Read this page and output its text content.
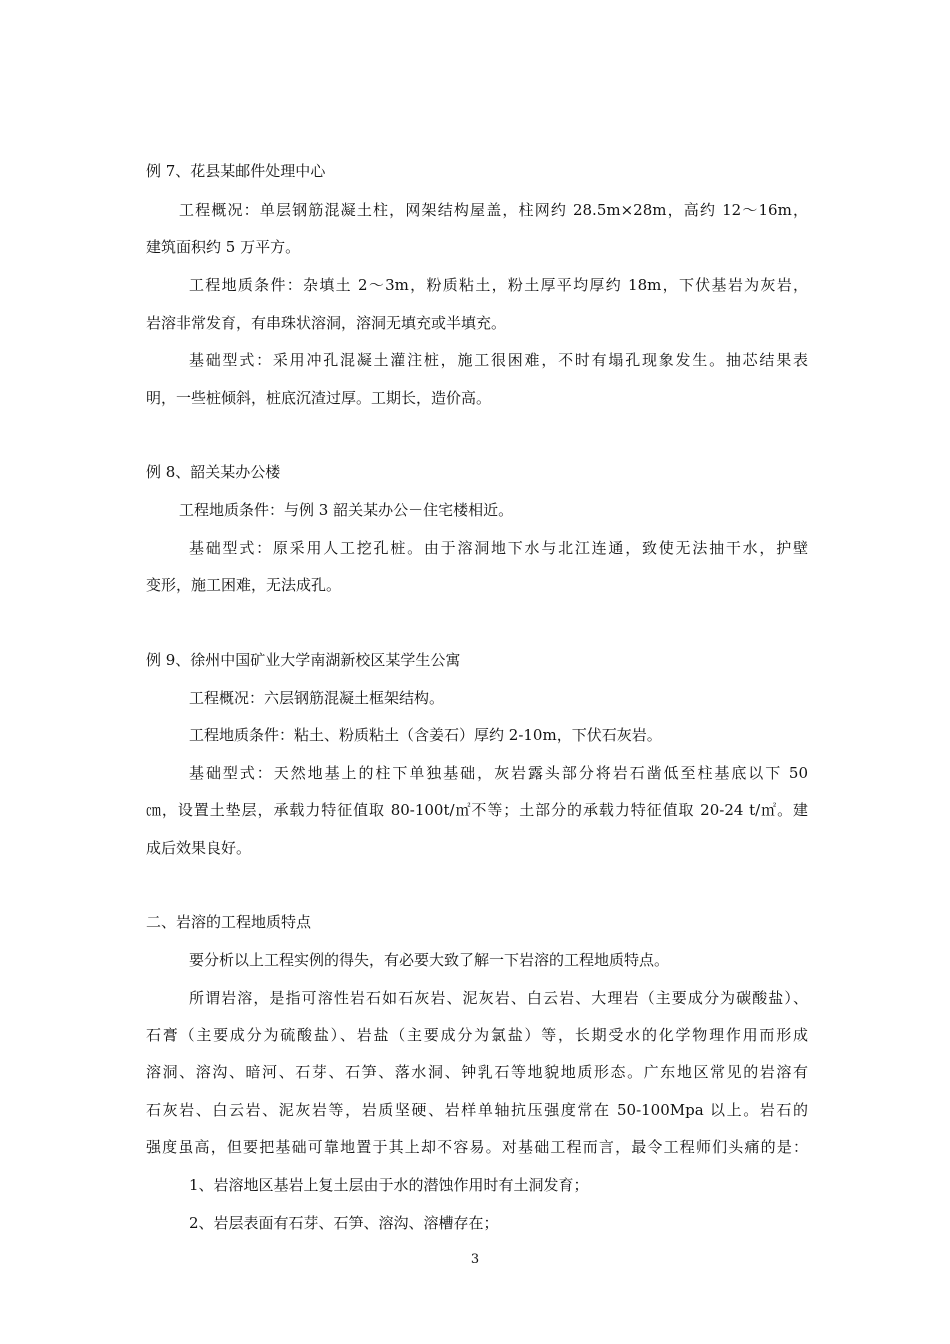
例 7、花县某邮件处理中心
工程概况：单层钢筋混凝土柱，网架结构屋盖，柱网约 28.5m×28m，高约 12～16m，
建筑面积约 5 万平方。
工程地质条件：杂填土 2～3m，粉质粘土，粉土厚平均厚约 18m，下伏基岩为灰岩，
岩溶非常发育，有串珠状溶洞，溶洞无填充或半填充。
基础型式：采用冲孔混凝土灌注桩，施工很困难，不时有塌孔现象发生。抽芯结果表
明，一些桩倾斜，桩底沉渣过厚。工期长，造价高。
例 8、韶关某办公楼
工程地质条件：与例 3 韶关某办公－住宅楼相近。
基础型式：原采用人工挖孔桩。由于溶洞地下水与北江连通，致使无法抽干水，护壁
变形，施工困难，无法成孔。
例 9、徐州中国矿业大学南湖新校区某学生公寓
工程概况：六层钢筋混凝土框架结构。
工程地质条件：粘土、粉质粘土（含姜石）厚约 2-10m，下伏石灰岩。
基础型式：天然地基上的柱下单独基础，灰岩露头部分将岩石凿低至柱基底以下 50
㎝，设置土垫层，承载力特征值取 80-100t/㎡不等；土部分的承载力特征值取 20-24 t/㎡。建
成后效果良好。
二、岩溶的工程地质特点
要分析以上工程实例的得失，有必要大致了解一下岩溶的工程地质特点。
所谓岩溶，是指可溶性岩石如石灰岩、泥灰岩、白云岩、大理岩（主要成分为碳酸盐）、
石膏（主要成分为硫酸盐）、岩盐（主要成分为氯盐）等，长期受水的化学物理作用而形成
溶洞、溶沟、暗河、石芽、石笋、落水洞、钟乳石等地貌地质形态。广东地区常见的岩溶有
石灰岩、白云岩、泥灰岩等，岩质坚硬、岩样单轴抗压强度常在 50-100Mpa 以上。岩石的
强度虽高，但要把基础可靠地置于其上却不容易。对基础工程而言，最令工程师们头痛的是：
1、岩溶地区基岩上复土层由于水的潜蚀作用时有土洞发育；
2、岩层表面有石芽、石笋、溶沟、溶槽存在；
3
